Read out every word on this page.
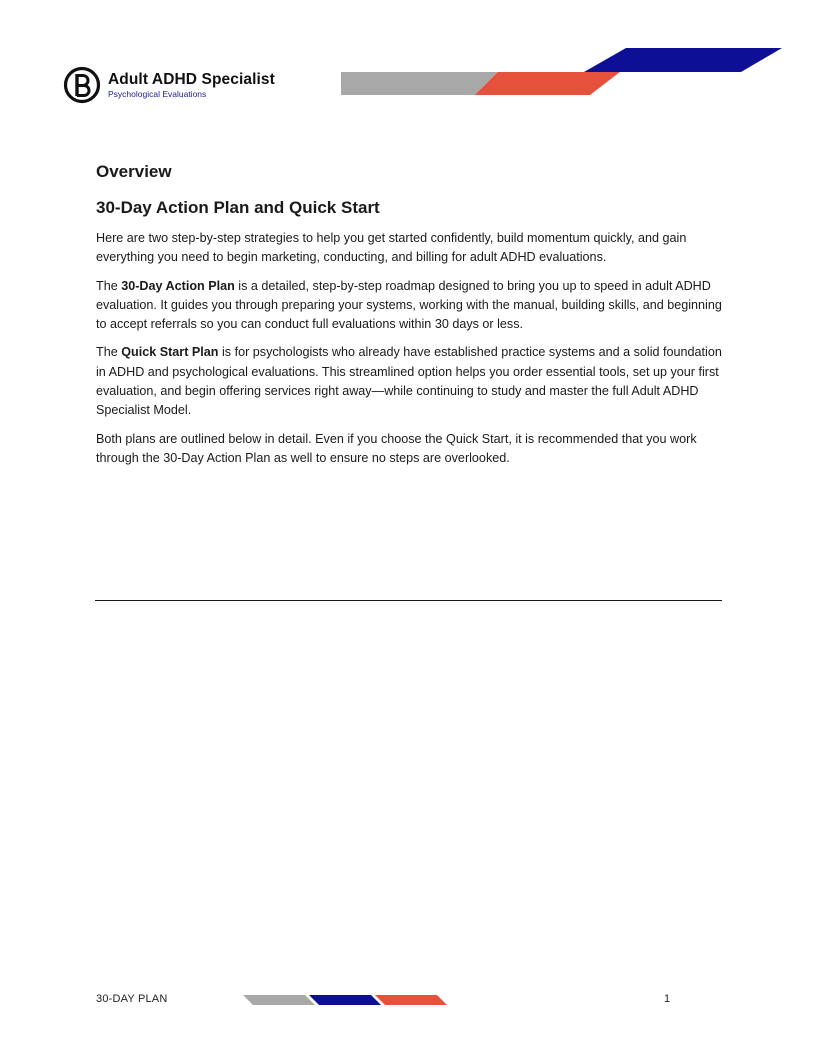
Adult ADHD Specialist
Psychological Evaluations
Overview
30-Day Action Plan and Quick Start

Here are two step-by-step strategies to help you get started confidently, build momentum quickly, and gain everything you need to begin marketing, conducting, and billing for adult ADHD evaluations.

The 30-Day Action Plan is a detailed, step-by-step roadmap designed to bring you up to speed in adult ADHD evaluation. It guides you through preparing your systems, working with the manual, building skills, and beginning to accept referrals so you can conduct full evaluations within 30 days or less.

The Quick Start Plan is for psychologists who already have established practice systems and a solid foundation in ADHD and psychological evaluations. This streamlined option helps you order essential tools, set up your first evaluation, and begin offering services right away—while continuing to study and master the full Adult ADHD Specialist Model.

Both plans are outlined below in detail. Even if you choose the Quick Start, it is recommended that you work through the 30-Day Action Plan as well to ensure no steps are overlooked.

30-DAY PLAN	1
